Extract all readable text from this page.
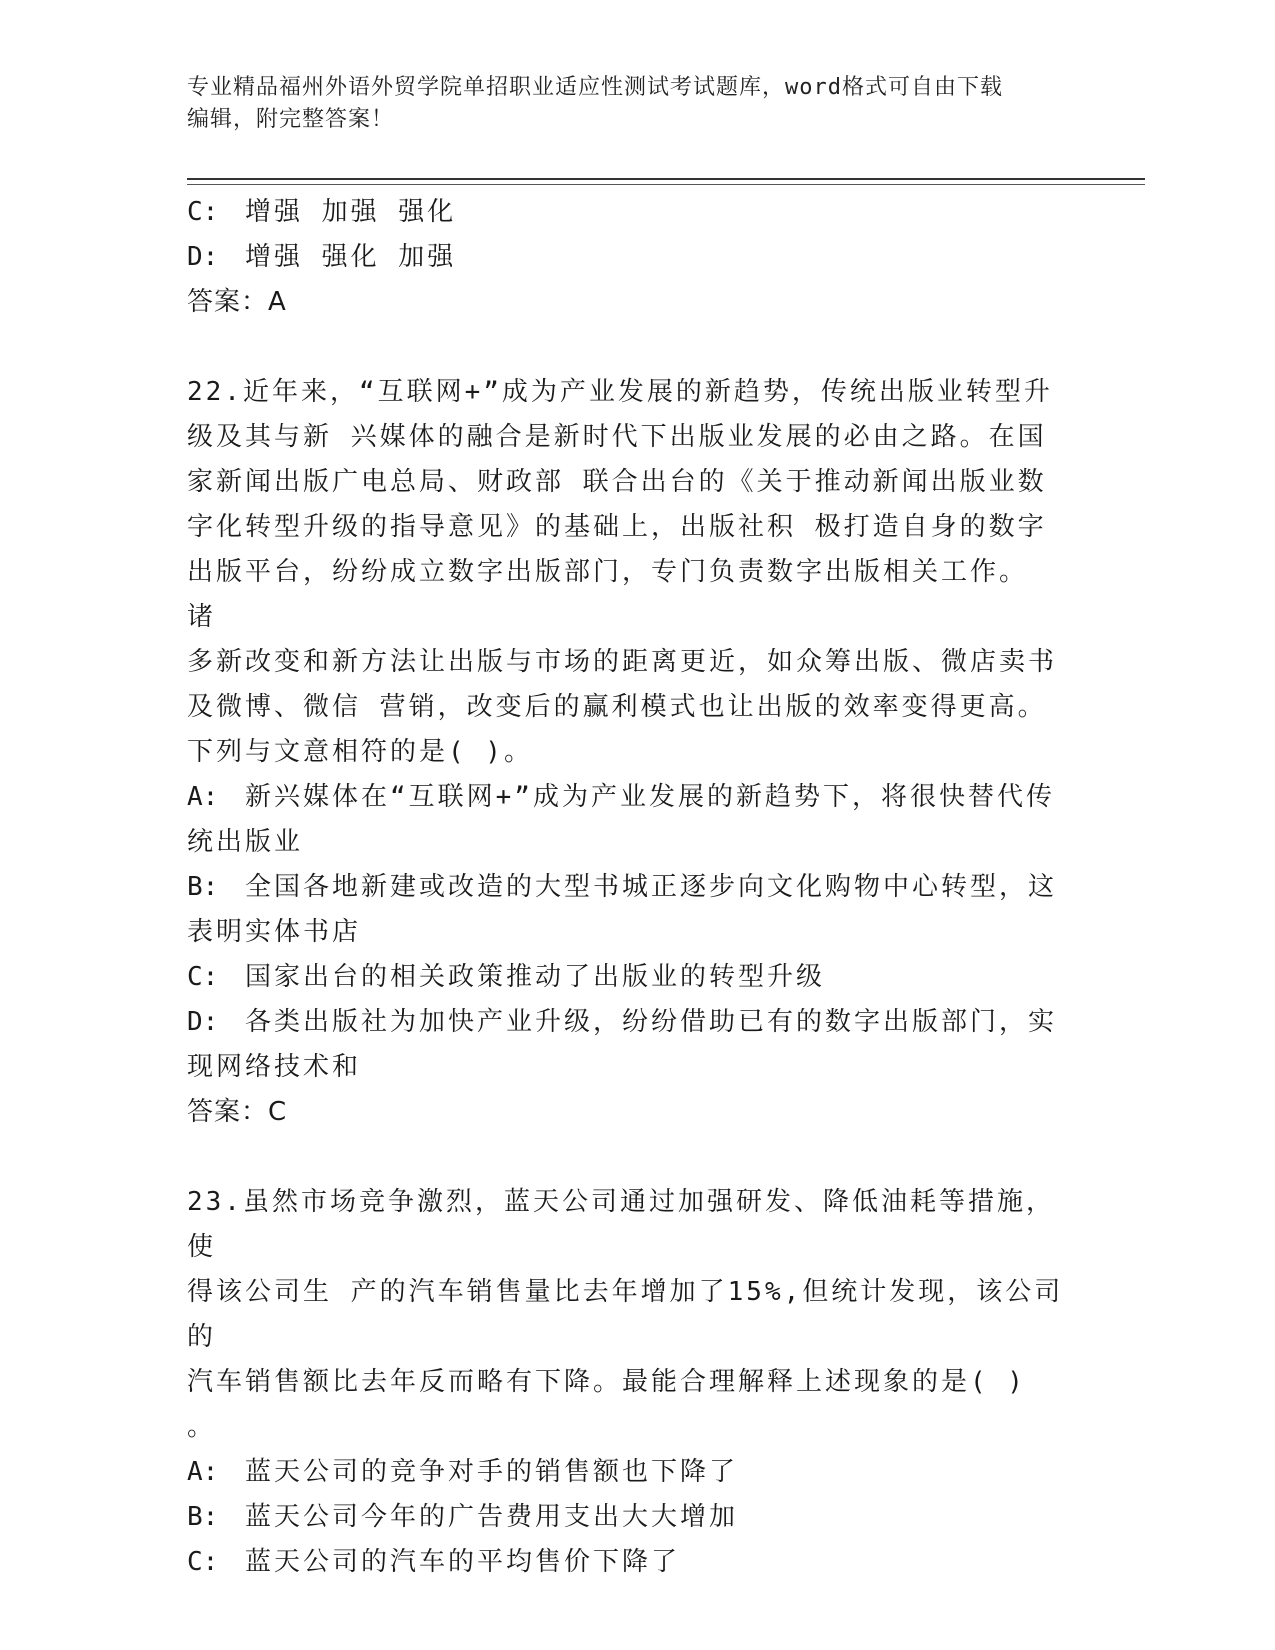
专业精品福州外语外贸学院单招职业适应性测试考试题库，word格式可自由下载
编辑，附完整答案！
C: 增强 加强 强化
D: 增强 强化 加强
答案：A
22.近年来，“互联网+”成为产业发展的新趋势，传统出版业转型升
级及其与新 兴媒体的融合是新时代下出版业发展的必由之路。在国
家新闻出版广电总局、财政部 联合出台的《关于推动新闻出版业数
字化转型升级的指导意见》的基础上，出版社积 极打造自身的数字
出版平台，纷纷成立数字出版部门，专门负责数字出版相关工作。 诸
多新改变和新方法让出版与市场的距离更近，如众筹出版、微店卖书
及微博、微信 营销，改变后的赢利模式也让出版的效率变得更高。
下列与文意相符的是( )。
A: 新兴媒体在“互联网+”成为产业发展的新趋势下，将很快替代传
统出版业
B: 全国各地新建或改造的大型书城正逐步向文化购物中心转型，这
表明实体书店
C: 国家出台的相关政策推动了出版业的转型升级
D: 各类出版社为加快产业升级，纷纷借助已有的数字出版部门，实
现网络技术和
答案：C
23.虽然市场竞争激烈，蓝天公司通过加强研发、降低油耗等措施，使
得该公司生 产的汽车销售量比去年增加了15%,但统计发现，该公司的
汽车销售额比去年反而略有下降。最能合理解释上述现象的是( )
。
A: 蓝天公司的竞争对手的销售额也下降了
B: 蓝天公司今年的广告费用支出大大增加
C: 蓝天公司的汽车的平均售价下降了
